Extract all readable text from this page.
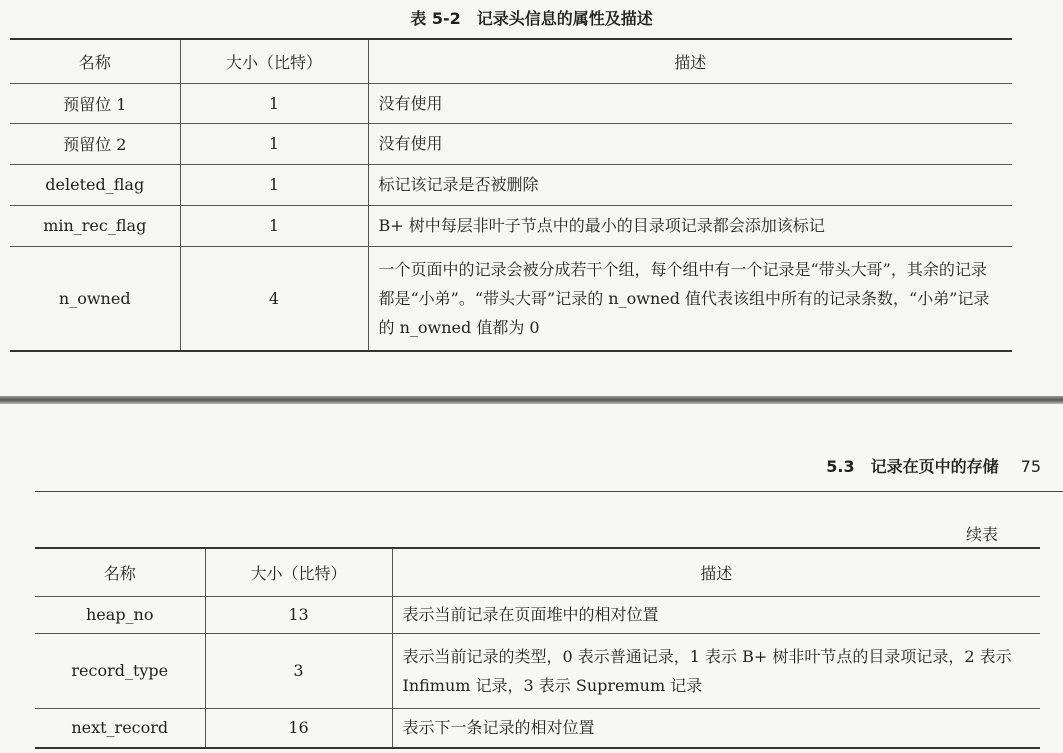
表 5-2　记录头信息的属性及描述
名称	大小（比特）	描述
预留位 1	1	没有使用
预留位 2	1	没有使用
deleted_flag	1	标记该记录是否被删除
min_rec_flag	1	B+ 树中每层非叶子节点中的最小的目录项记录都会添加该标记
n_owned	4	一个页面中的记录会被分成若干个组，每个组中有一个记录是“带头大哥”，其余的记录都是“小弟”。“带头大哥”记录的 n_owned 值代表该组中所有的记录条数，“小弟”记录的 n_owned 值都为 0
5.3　记录在页中的存储 75
续表
名称	大小（比特）	描述
heap_no	13	表示当前记录在页面堆中的相对位置
record_type	3	表示当前记录的类型，0 表示普通记录，1 表示 B+ 树非叶节点的目录项记录，2 表示 Infimum 记录，3 表示 Supremum 记录
next_record	16	表示下一条记录的相对位置
